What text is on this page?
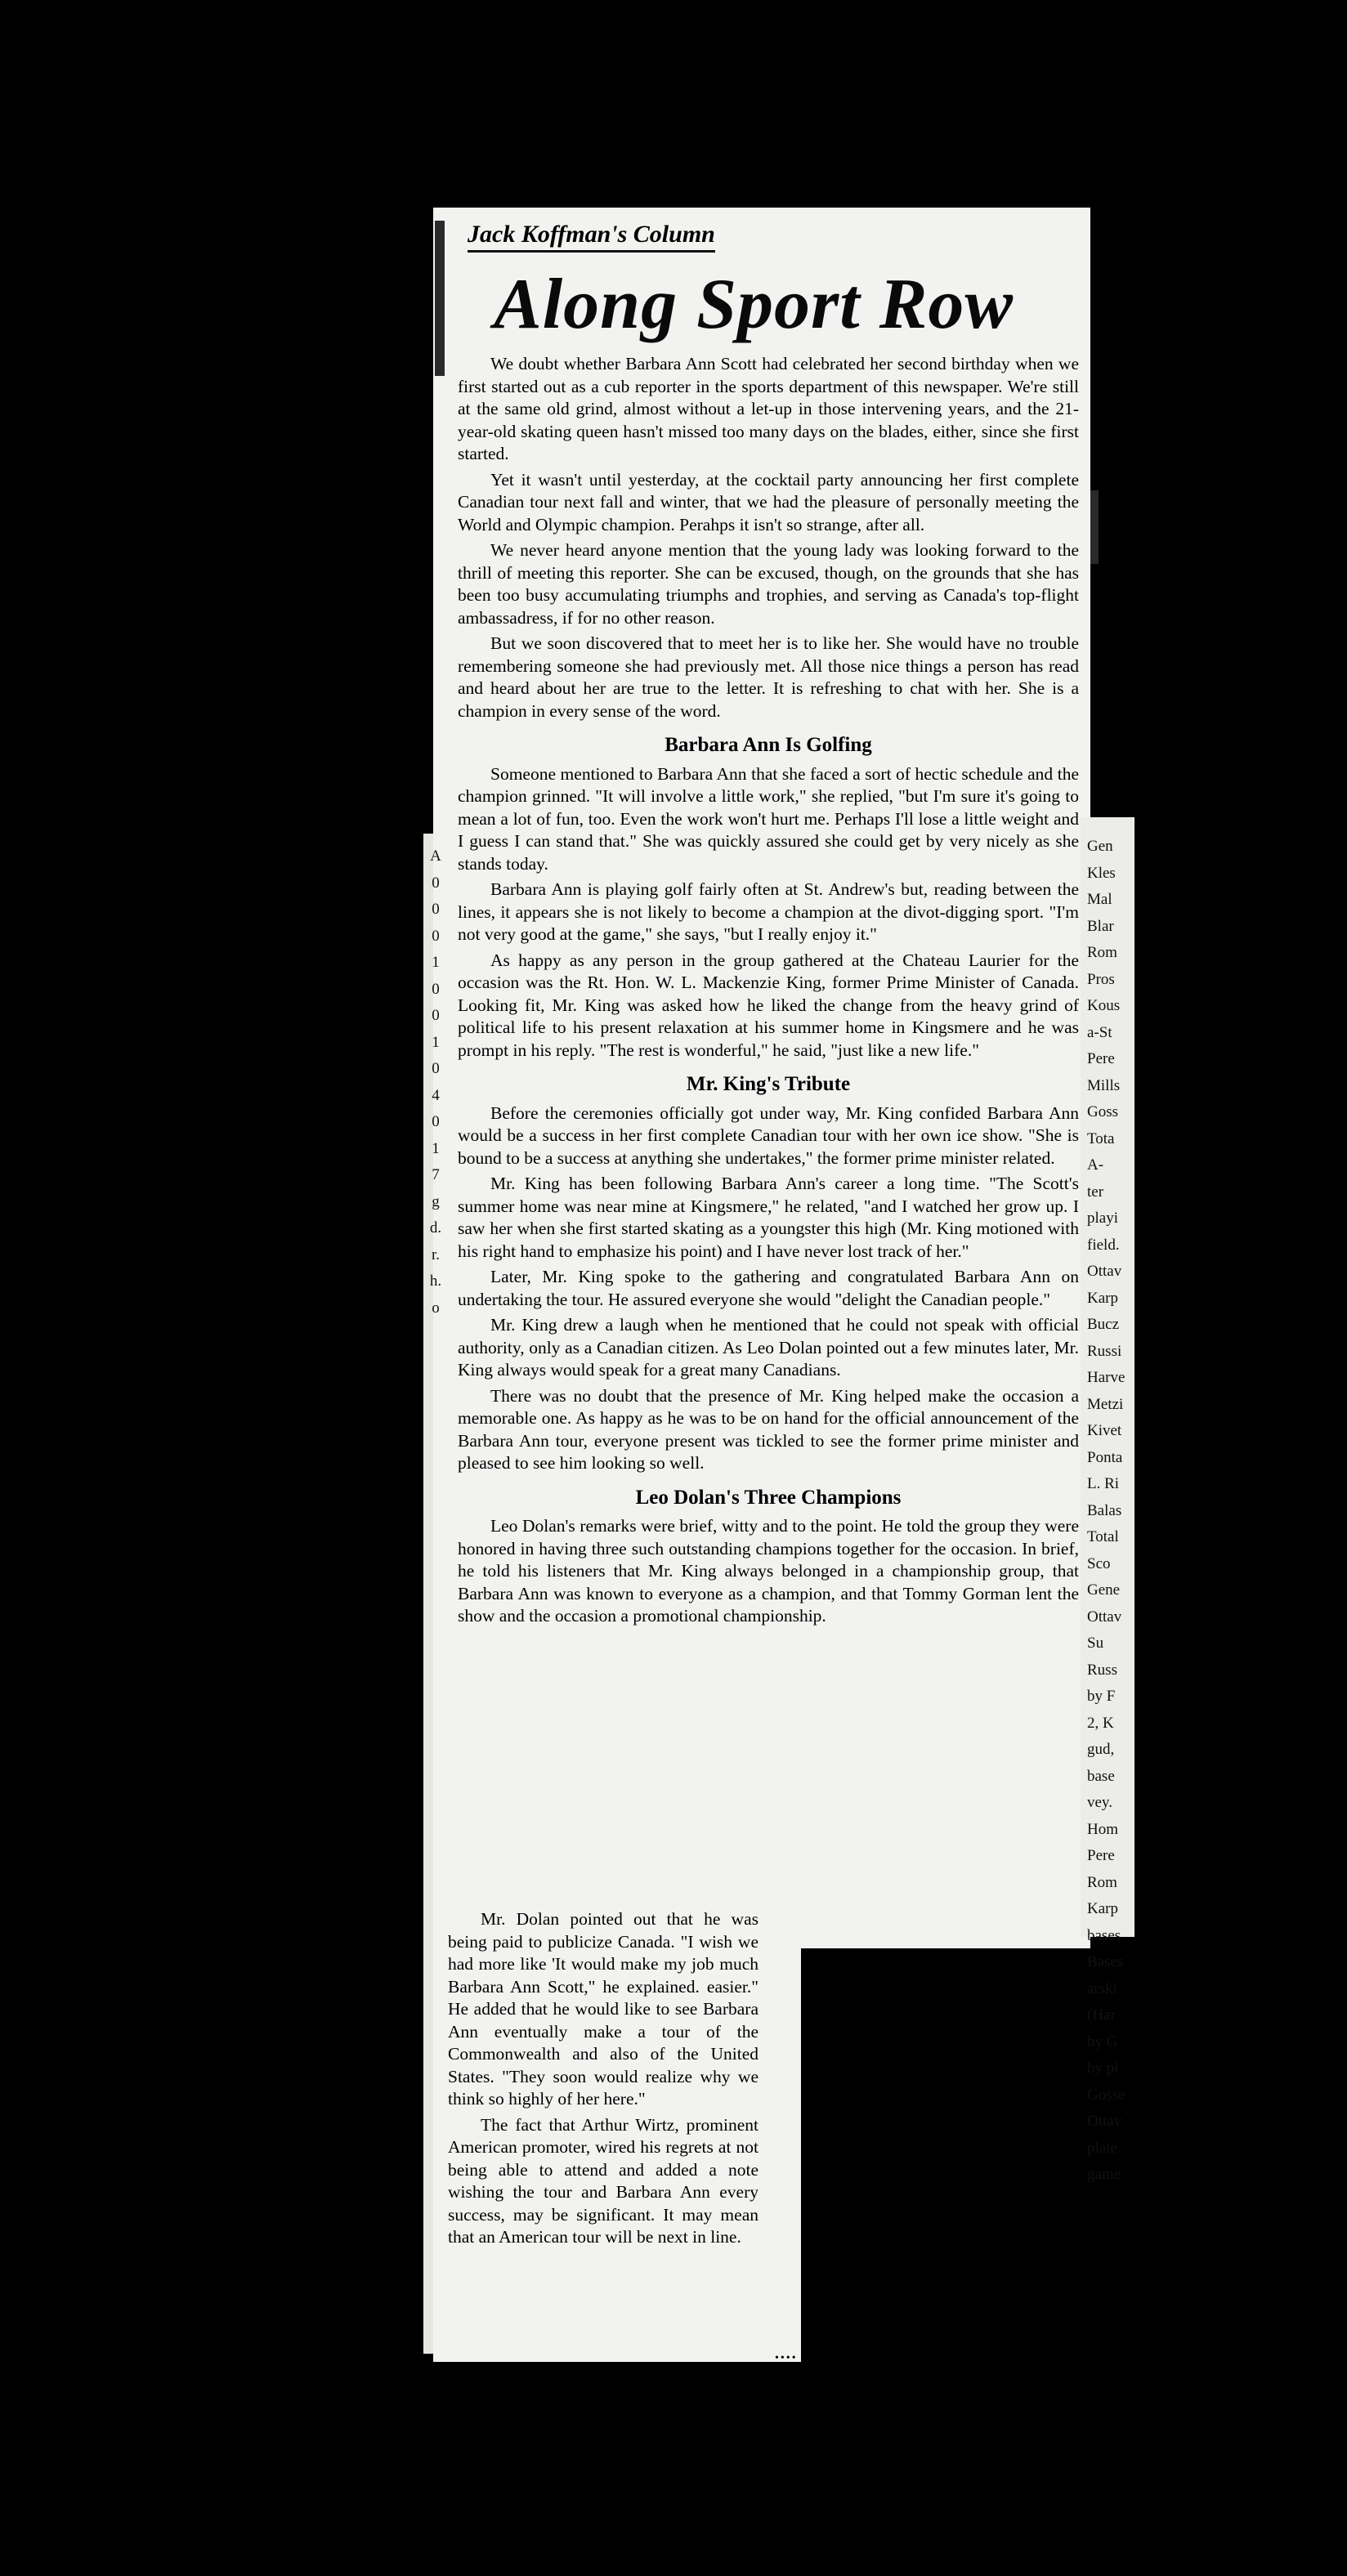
Jack Koffman's Column
Along Sport Row

We doubt whether Barbara Ann Scott had celebrated her second birthday when we first started out as a cub reporter in the sports department of this newspaper. We're still at the same old grind, almost without a let-up in those intervening years, and the 21-year-old skating queen hasn't missed too many days on the blades, either, since she first started.

Yet it wasn't until yesterday, at the cocktail party announcing her first complete Canadian tour next fall and winter, that we had the pleasure of personally meeting the World and Olympic champion. Perahps it isn't so strange, after all.

We never heard anyone mention that the young lady was looking forward to the thrill of meeting this reporter. She can be excused, though, on the grounds that she has been too busy accumulating triumphs and trophies, and serving as Canada's top-flight ambassadress, if for no other reason.

But we soon discovered that to meet her is to like her. She would have no trouble remembering someone she had previously met. All those nice things a person has read and heard about her are true to the letter. It is refreshing to chat with her. She is a champion in every sense of the word.

Barbara Ann Is Golfing

Someone mentioned to Barbara Ann that she faced a sort of hectic schedule and the champion grinned. "It will involve a little work," she replied, "but I'm sure it's going to mean a lot of fun, too. Even the work won't hurt me. Perhaps I'll lose a little weight and I guess I can stand that." She was quickly assured she could get by very nicely as she stands today.

Barbara Ann is playing golf fairly often at St. Andrew's but, reading between the lines, it appears she is not likely to become a champion at the divot-digging sport. "I'm not very good at the game," she says, "but I really enjoy it."

As happy as any person in the group gathered at the Chateau Laurier for the occasion was the Rt. Hon. W. L. Mackenzie King, former Prime Minister of Canada. Looking fit, Mr. King was asked how he liked the change from the heavy grind of political life to his present relaxation at his summer home in Kingsmere and he was prompt in his reply. "The rest is wonderful," he said, "just like a new life."

Mr. King's Tribute

Before the ceremonies officially got under way, Mr. King confided Barbara Ann would be a success in her first complete Canadian tour with her own ice show. "She is bound to be a success at anything she undertakes," the former prime minister related.

Mr. King has been following Barbara Ann's career a long time. "The Scott's summer home was near mine at Kingsmere," he related, "and I watched her grow up. I saw her when she first started skating as a youngster this high (Mr. King motioned with his right hand to emphasize his point) and I have never lost track of her."

Later, Mr. King spoke to the gathering and congratulated Barbara Ann on undertaking the tour. He assured everyone she would "delight the Canadian people."

Mr. King drew a laugh when he mentioned that he could not speak with official authority, only as a Canadian citizen. As Leo Dolan pointed out a few minutes later, Mr. King always would speak for a great many Canadians.

There was no doubt that the presence of Mr. King helped make the occasion a memorable one. As happy as he was to be on hand for the official announcement of the Barbara Ann tour, everyone present was tickled to see the former prime minister and pleased to see him looking so well.

Leo Dolan's Three Champions

Leo Dolan's remarks were brief, witty and to the point. He told the group they were honored in having three such outstanding champions together for the occasion. In brief, he told his listeners that Mr. King always belonged in a championship group, that Barbara Ann was known to everyone as a champion, and that Tommy Gorman lent the show and the occasion a promotional championship.

Mr. Dolan pointed out that he was being paid to publicize Canada. "I wish we had more like 'It would make my job much Barbara Ann Scott," he explained. easier." He added that he would like to see Barbara Ann eventually make a tour of the Commonwealth and also of the United States. "They soon would realize why we think so highly of her here."

The fact that Arthur Wirtz, prominent American promoter, wired his regrets at not being able to attend and added a note wishing the tour and Barbara Ann every success, may be significant. It may mean that an American tour will be next in line.

••••
Gen
Kles
Mal
Blar
Rom
Pros
Kous
a-St
Pere
Mills
Goss
Tota
A-
ter
playi
field.
Ottav
Karp
Bucz
Russi
Harve
Metzi
Kivet
Ponta
L. Ri
Balas
Total
Sco
Gene
Ottav
Su
Russ
by F
2, K
gud,
base
vey.
Hom
Pere
Rom
Karp
bases
Bases
arski
(Har
by G
by pi
Gosse
Ottav
plate
game
A
0
0
0
1
0
0
1
0
4
0
1
7
g
d.
r.
h.
o
